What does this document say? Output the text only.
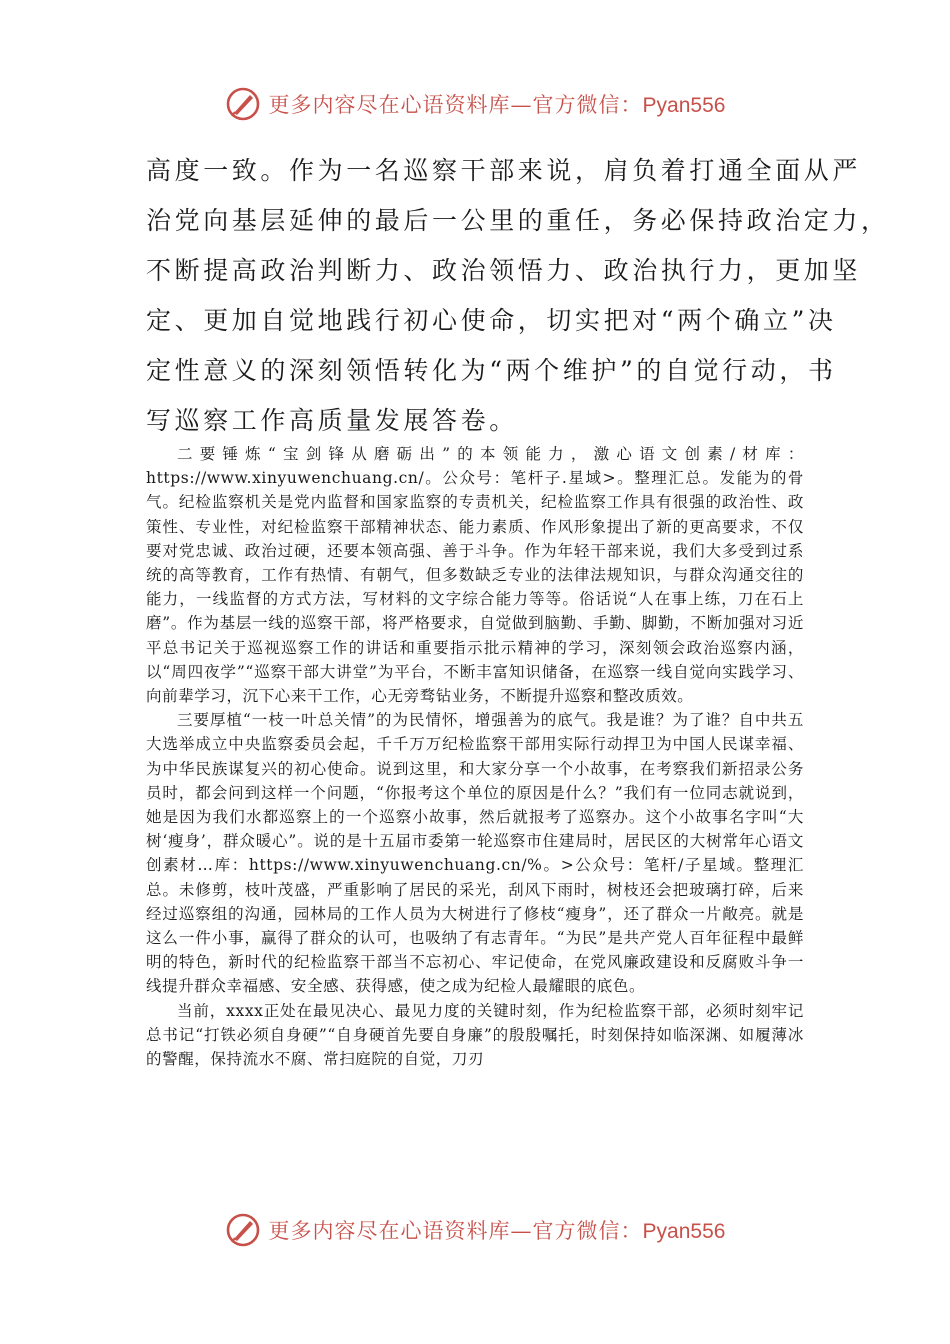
更多内容尽在心语资料库—官方微信：Pyan556
高度一致。作为一名巡察干部来说，肩负着打通全面从严
治党向基层延伸的最后一公里的重任，务必保持政治定力，
不断提高政治判断力、政治领悟力、政治执行力，更加坚
定、更加自觉地践行初心使命，切实把对“两个确立”决
定性意义的深刻领悟转化为“两个维护”的自觉行动，书
写巡察工作高质量发展答卷。

二要锤炼“宝剑锋从磨砺出”的本领能力，激心语文创素/材库：https://www.xinyuwenchuang.cn/。公众号：笔杆子.星域>。整理汇总。发能为的骨气。纪检监察机关是党内监督和国家监察的专责机关，纪检监察工作具有很强的政治性、政策性、专业性，对纪检监察干部精神状态、能力素质、作风形象提出了新的更高要求，不仅要对党忠诚、政治过硬，还要本领高强、善于斗争。作为年轻干部来说，我们大多受到过系统的高等教育，工作有热情、有朝气，但多数缺乏专业的法律法规知识，与群众沟通交往的能力，一线监督的方式方法，写材料的文字综合能力等等。俗话说“人在事上练，刀在石上磨”。作为基层一线的巡察干部，将严格要求，自觉做到脑勤、手勤、脚勤，不断加强对习近平总书记关于巡视巡察工作的讲话和重要指示批示精神的学习，深刻领会政治巡察内涵，以“周四夜学”“巡察干部大讲堂”为平台，不断丰富知识储备，在巡察一线自觉向实践学习、向前辈学习，沉下心来干工作，心无旁骛钻业务，不断提升巡察和整改质效。

三要厚植“一枝一叶总关情”的为民情怀，增强善为的底气。我是谁？为了谁？自中共五大选举成立中央监察委员会起，千千万万纪检监察干部用实际行动捍卫为中国人民谋幸福、为中华民族谋复兴的初心使命。说到这里，和大家分享一个小故事，在考察我们新招录公务员时，都会问到这样一个问题，“你报考这个单位的原因是什么？”我们有一位同志就说到，她是因为我们水都巡察上的一个巡察小故事，然后就报考了巡察办。这个小故事名字叫“大树‘瘦身’，群众暖心”。说的是十五届市委第一轮巡察市住建局时，居民区的大树常年心语文创素材…库：https://www.xinyuwenchuang.cn/%。>公众号：笔杆/子星域。整理汇总。未修剪，枝叶茂盛，严重影响了居民的采光，刮风下雨时，树枝还会把玻璃打碎，后来经过巡察组的沟通，园林局的工作人员为大树进行了修枝“瘦身”，还了群众一片敞亮。就是这么一件小事，赢得了群众的认可，也吸纳了有志青年。“为民”是共产党人百年征程中最鲜明的特色，新时代的纪检监察干部当不忘初心、牢记使命，在党风廉政建设和反腐败斗争一线提升群众幸福感、安全感、获得感，使之成为纪检人最耀眼的底色。

当前，xxxx正处在最见决心、最见力度的关键时刻，作为纪检监察干部，必须时刻牢记总书记“打铁必须自身硬”“自身硬首先要自身廉”的殷殷嘱托，时刻保持如临深渊、如履薄冰的警醒，保持流水不腐、常扫庭院的自觉，刀刃

更多内容尽在心语资料库—官方微信：Pyan556
